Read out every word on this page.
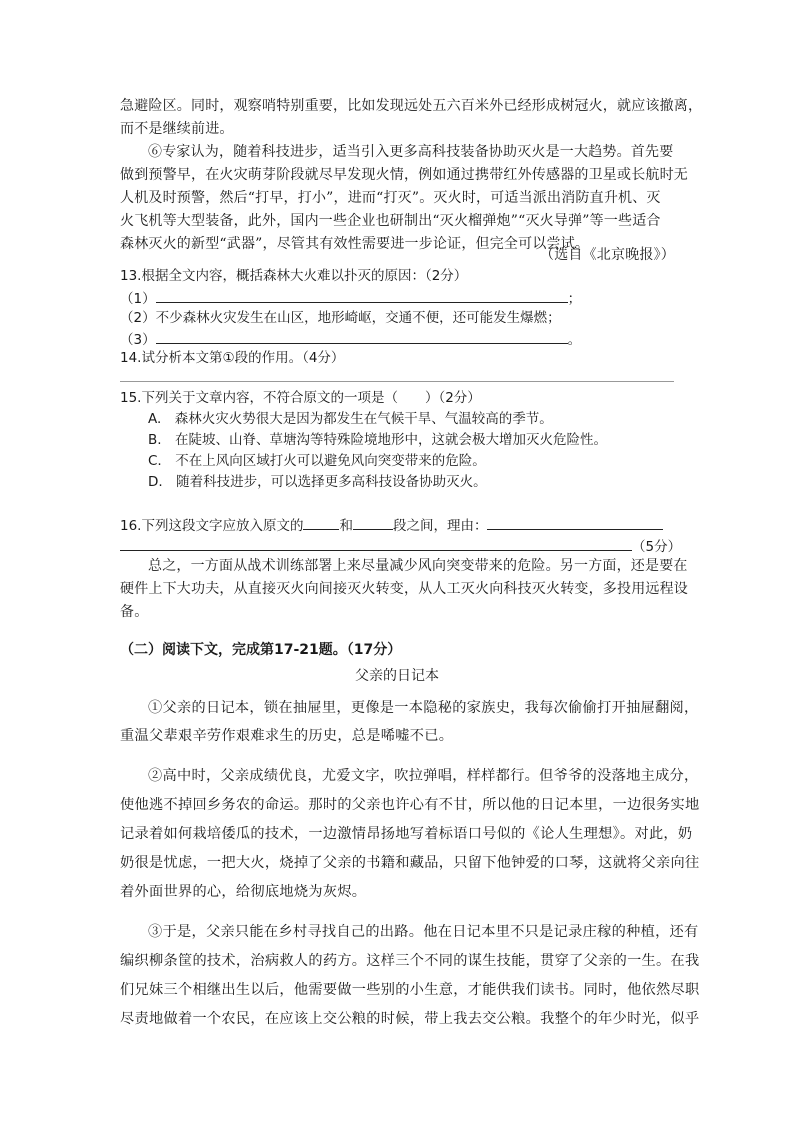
急避险区。同时，观察哨特别重要，比如发现远处五六百米外已经形成树冠火，就应该撤离，
而不是继续前进。
⑥专家认为，随着科技进步，适当引入更多高科技装备协助灭火是一大趋势。首先要
做到预警早，在火灾萌芽阶段就尽早发现火情，例如通过携带红外传感器的卫星或长航时无
人机及时预警，然后“打早，打小”，进而“打灭”。灭火时，可适当派出消防直升机、灭
火飞机等大型装备，此外，国内一些企业也研制出“灭火榴弹炮”“灭火导弹”等一些适合
森林灭火的新型“武器”，尽管其有效性需要进一步论证，但完全可以尝试。
（选自《北京晚报》）
13.根据全文内容，概括森林大火难以扑灭的原因：（2分）
（1）	；
（2）不少森林火灾发生在山区，地形崎岖，交通不便，还可能发生爆燃；
（3）	。
14.试分析本文第①段的作用。（4分）
15.下列关于文章内容，不符合原文的一项是（　　）（2分）
A.　森林火灾火势很大是因为都发生在气候干旱、气温较高的季节。
B.　在陡坡、山脊、草塘沟等特殊险境地形中，这就会极大增加灭火危险性。
C.　不在上风向区域打火可以避免风向突变带来的危险。
D.　随着科技进步，可以选择更多高科技设备协助灭火。
16.下列这段文字应放入原文的	和	段之间，理由：
（5分）
总之，一方面从战术训练部署上来尽量减少风向突变带来的危险。另一方面，还是要在
硬件上下大功夫，从直接灭火向间接灭火转变，从人工灭火向科技灭火转变，多投用远程设
备。
（二）阅读下文，完成第17-21题。（17分）
父亲的日记本
①父亲的日记本，锁在抽屉里，更像是一本隐秘的家族史，我每次偷偷打开抽屉翻阅，
重温父辈艰辛劳作艰难求生的历史，总是唏嘘不已。
②高中时，父亲成绩优良，尤爱文字，吹拉弹唱，样样都行。但爷爷的没落地主成分，
使他逃不掉回乡务农的命运。那时的父亲也许心有不甘，所以他的日记本里，一边很务实地
记录着如何栽培倭瓜的技术，一边激情昂扬地写着标语口号似的《论人生理想》。对此，奶
奶很是忧虑，一把大火，烧掉了父亲的书籍和藏品，只留下他钟爱的口琴，这就将父亲向往
着外面世界的心，给彻底地烧为灰烬。
③于是，父亲只能在乡村寻找自己的出路。他在日记本里不只是记录庄稼的种植，还有
编织柳条筐的技术，治病救人的药方。这样三个不同的谋生技能，贯穿了父亲的一生。在我
们兄妹三个相继出生以后，他需要做一些别的小生意，才能供我们读书。同时，他依然尽职
尽责地做着一个农民，在应该上交公粮的时候，带上我去交公粮。我整个的年少时光，似乎
